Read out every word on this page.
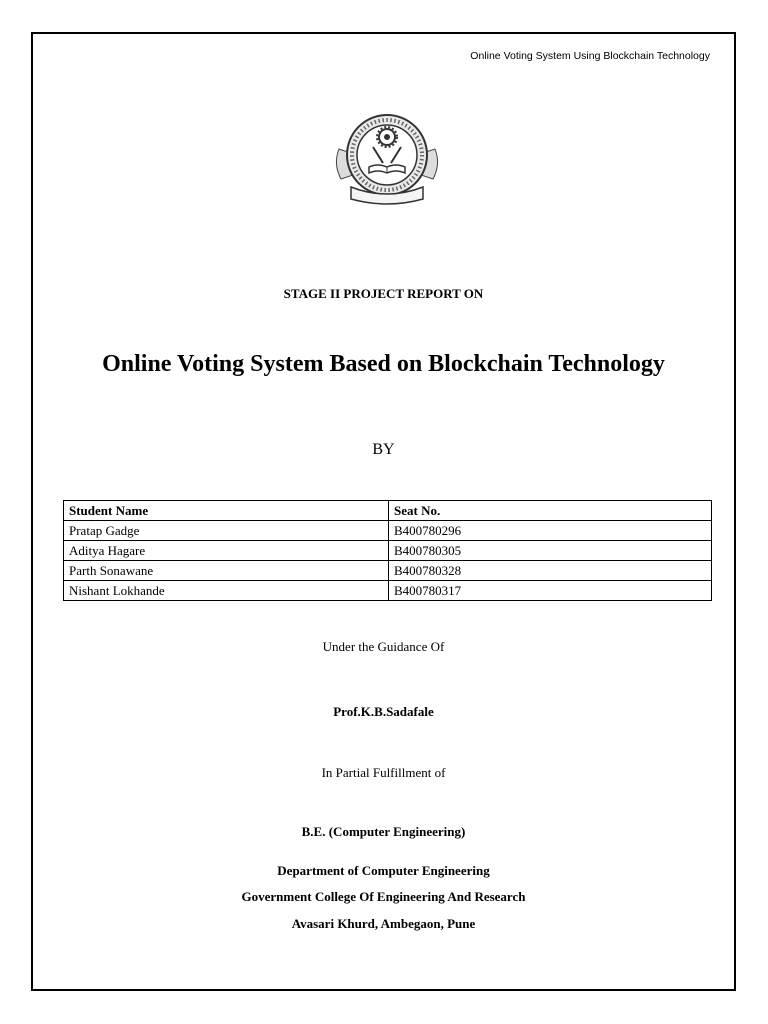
Online Voting System Using Blockchain Technology
STAGE II PROJECT REPORT ON
Online Voting System Based on Blockchain Technology
BY
Student Name	Seat No.
Pratap Gadge	B400780296
Aditya Hagare	B400780305
Parth Sonawane	B400780328
Nishant Lokhande	B400780317
Under the Guidance Of
Prof.K.B.Sadafale
In Partial Fulfillment of
B.E. (Computer Engineering)
Department of Computer Engineering
Government College Of Engineering And Research
Avasari Khurd, Ambegaon, Pune
